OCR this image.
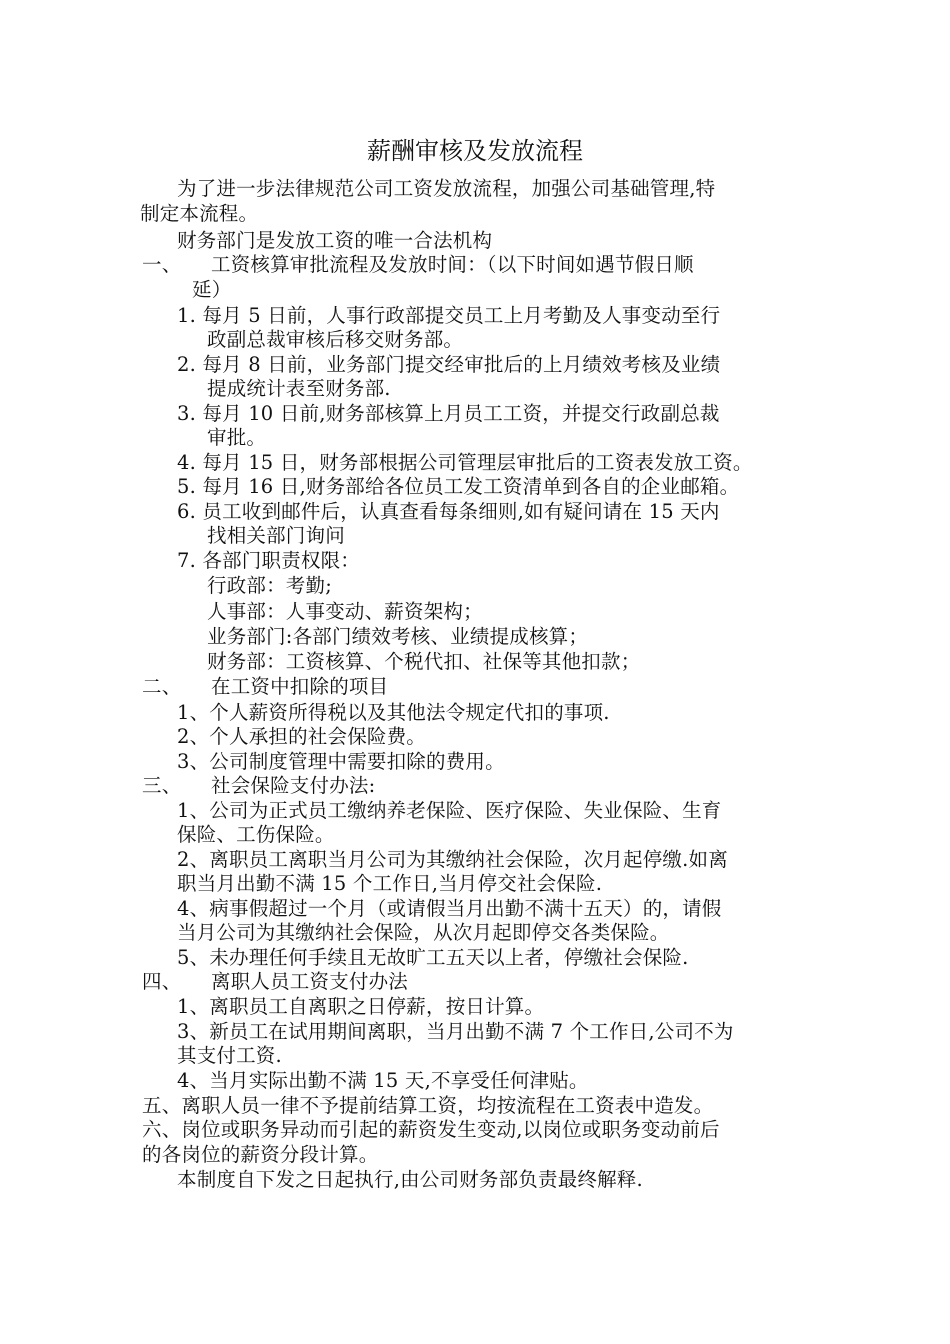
薪酬审核及发放流程
为了进一步法律规范公司工资发放流程，加强公司基础管理,特
制定本流程。
财务部门是发放工资的唯一合法机构
一、 工资核算审批流程及发放时间：（以下时间如遇节假日顺
延）
1. 每月 5 日前，人事行政部提交员工上月考勤及人事变动至行
政副总裁审核后移交财务部。
2. 每月 8 日前，业务部门提交经审批后的上月绩效考核及业绩
提成统计表至财务部.
3. 每月 10 日前,财务部核算上月员工工资，并提交行政副总裁
审批。
4. 每月 15 日，财务部根据公司管理层审批后的工资表发放工资。
5. 每月 16 日,财务部给各位员工发工资清单到各自的企业邮箱。
6. 员工收到邮件后，认真查看每条细则,如有疑问请在 15 天内
找相关部门询问
7. 各部门职责权限：
行政部：考勤;
人事部：人事变动、薪资架构；
业务部门:各部门绩效考核、业绩提成核算；
财务部：工资核算、个税代扣、社保等其他扣款；
二、 在工资中扣除的项目
1、个人薪资所得税以及其他法令规定代扣的事项.
2、个人承担的社会保险费。
3、公司制度管理中需要扣除的费用。
三、 社会保险支付办法:
1、公司为正式员工缴纳养老保险、医疗保险、失业保险、生育
保险、工伤保险。
2、离职员工离职当月公司为其缴纳社会保险，次月起停缴.如离
职当月出勤不满 15 个工作日,当月停交社会保险.
4、病事假超过一个月（或请假当月出勤不满十五天）的，请假
当月公司为其缴纳社会保险，从次月起即停交各类保险。
5、未办理任何手续且无故旷工五天以上者，停缴社会保险.
四、 离职人员工资支付办法
1、离职员工自离职之日停薪，按日计算。
3、新员工在试用期间离职，当月出勤不满 7 个工作日,公司不为
其支付工资.
4、当月实际出勤不满 15 天,不享受任何津贴。
五、离职人员一律不予提前结算工资，均按流程在工资表中造发。
六、岗位或职务异动而引起的薪资发生变动,以岗位或职务变动前后
的各岗位的薪资分段计算。
本制度自下发之日起执行,由公司财务部负责最终解释.
